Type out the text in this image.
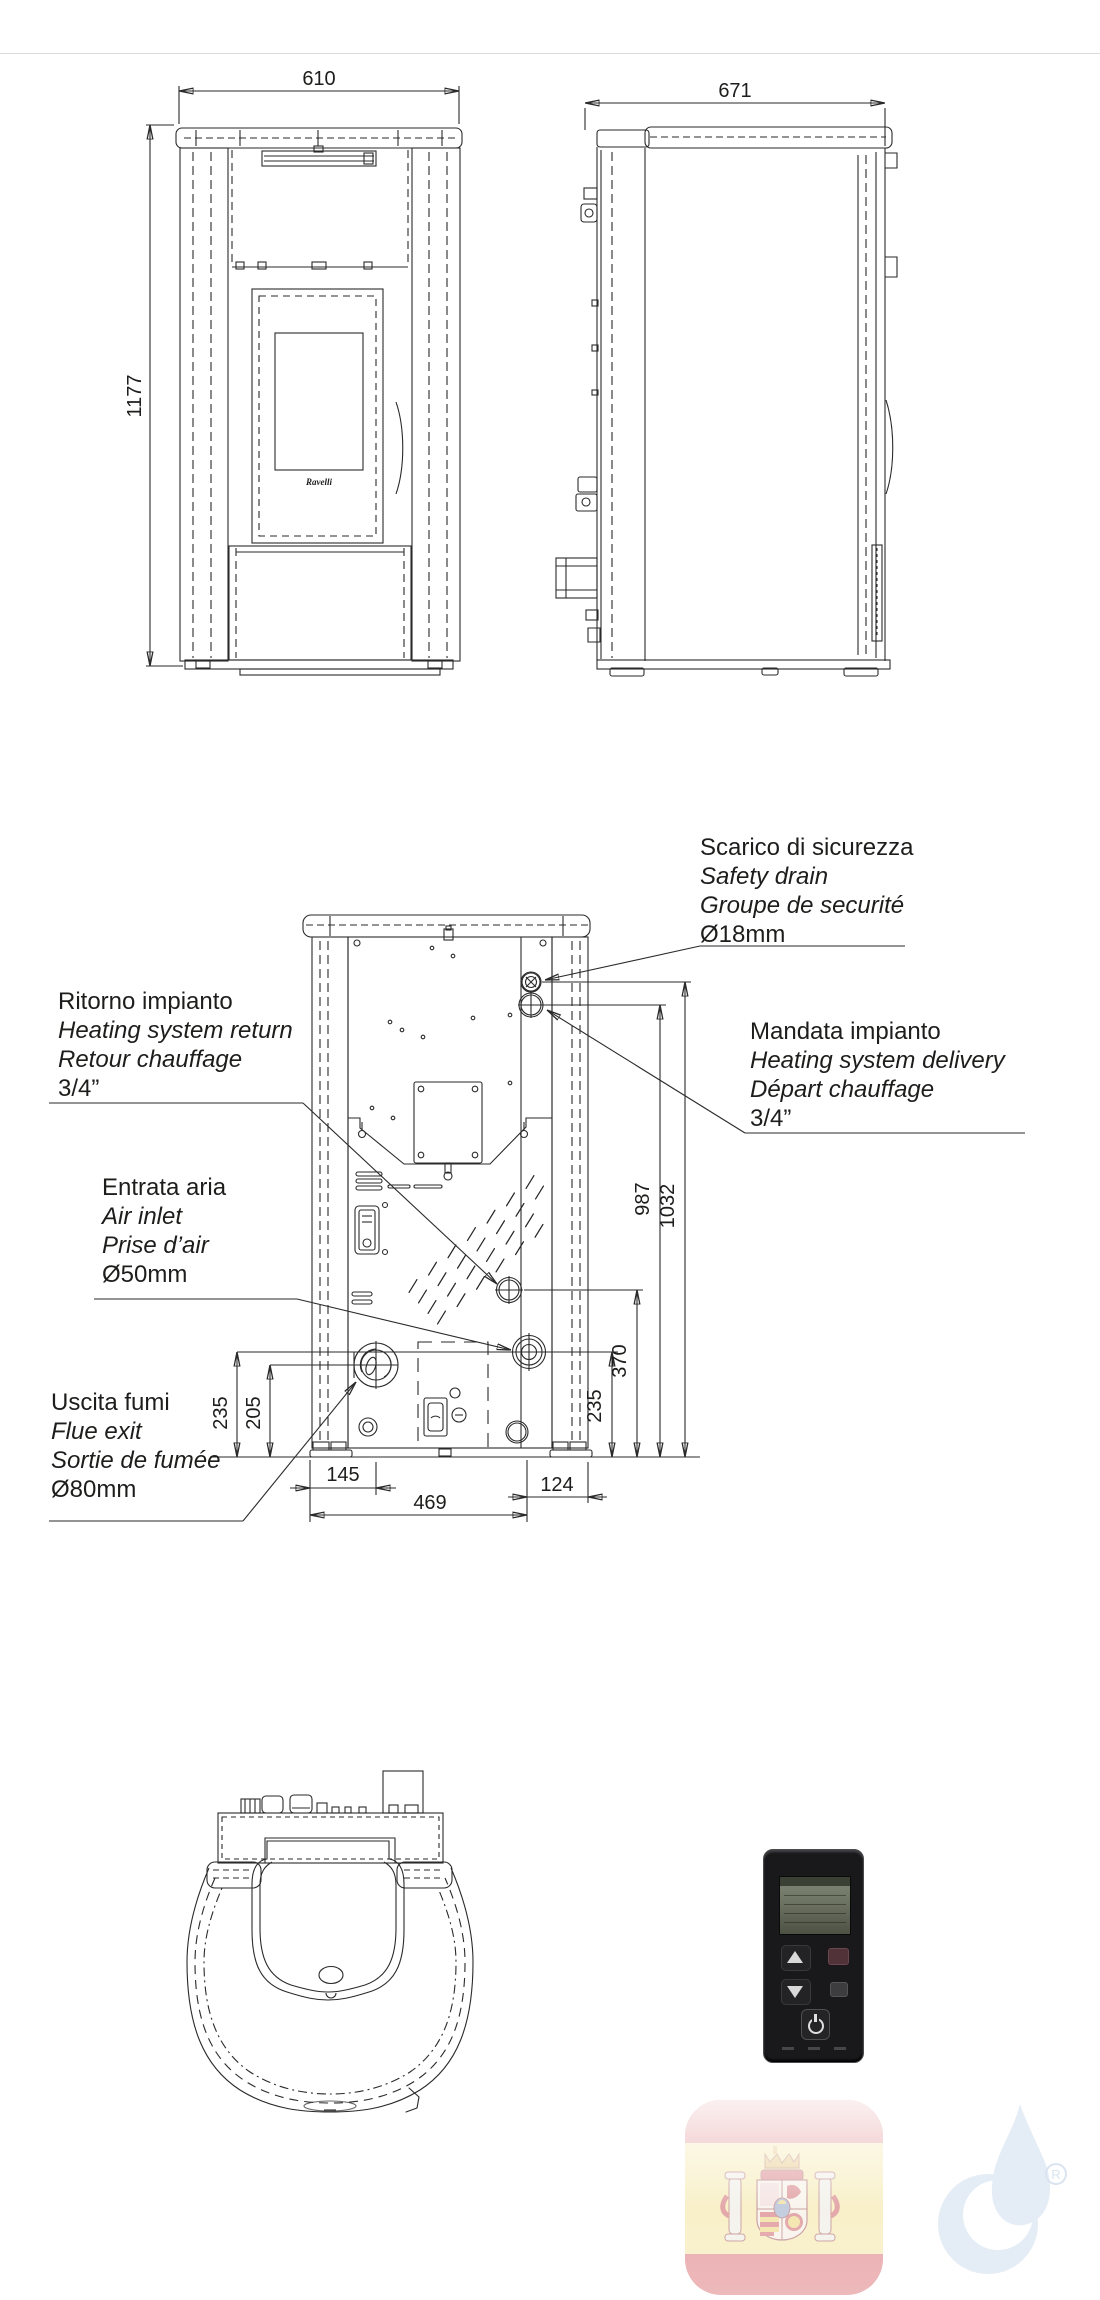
Ravelli
610
1177
671
1032
987
370
235
235 205
145
469
124
Scarico di sicurezza
Safety drain
Groupe de securité
Ø18mm
Mandata impianto
Heating system delivery
Départ chauffage
3/4”
Ritorno impianto
Heating system return
Retour chauffage
3/4”
Entrata aria
Air inlet
Prise d’air
Ø50mm
Uscita fumi
Flue exit
Sortie de fumée
Ø80mm
R
